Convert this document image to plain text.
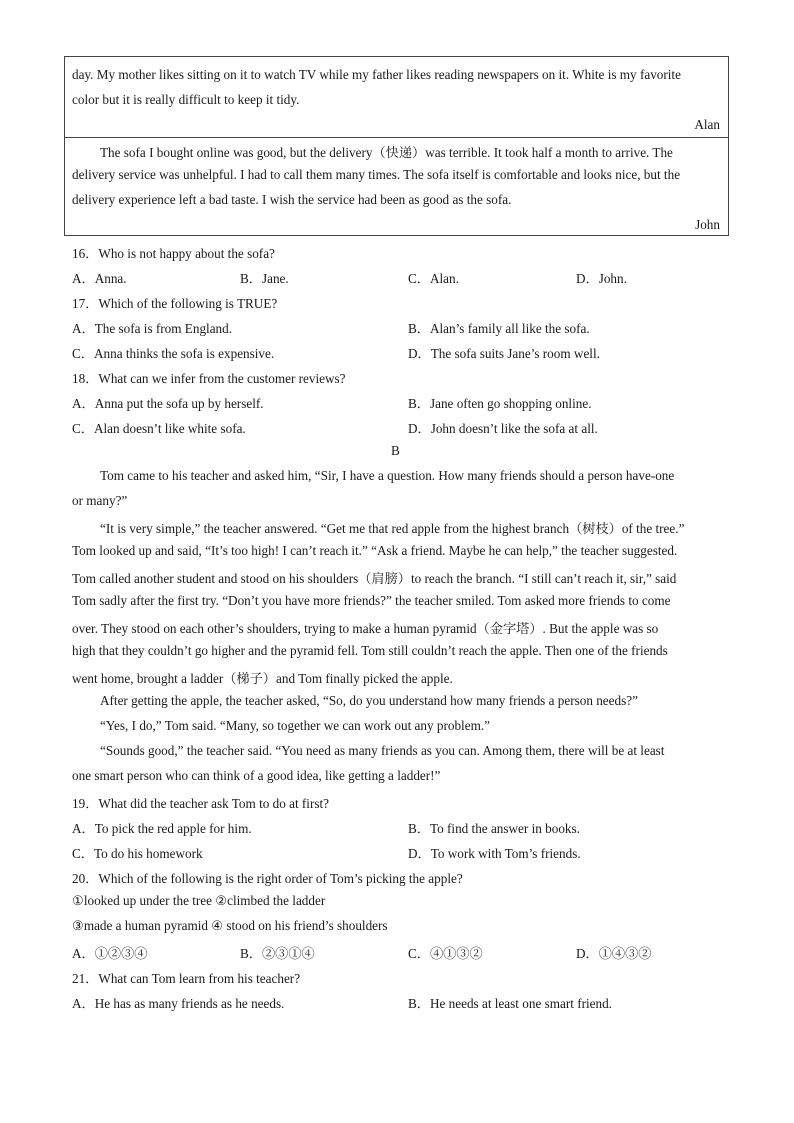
day. My mother likes sitting on it to watch TV while my father likes reading newspapers on it. White is my favorite
color but it is really difficult to keep it tidy.
Alan
The sofa I bought online was good, but the delivery（快递）was terrible. It took half a month to arrive. The
delivery service was unhelpful. I had to call them many times. The sofa itself is comfortable and looks nice, but the
delivery experience left a bad taste. I wish the service had been as good as the sofa.
John
16．Who is not happy about the sofa?
A．Anna.	B．Jane.	C．Alan.	D．John.
17．Which of the following is TRUE?
A．The sofa is from England.	B．Alan’s family all like the sofa.
C．Anna thinks the sofa is expensive.	D．The sofa suits Jane’s room well.
18．What can we infer from the customer reviews?
A．Anna put the sofa up by herself.	B．Jane often go shopping online.
C．Alan doesn’t like white sofa.	D．John doesn’t like the sofa at all.
B
Tom came to his teacher and asked him, “Sir, I have a question. How many friends should a person have-one
or many?”
“It is very simple,” the teacher answered. “Get me that red apple from the highest branch（树枝）of the tree.”
Tom looked up and said, “It’s too high! I can’t reach it.” “Ask a friend. Maybe he can help,” the teacher suggested.
Tom called another student and stood on his shoulders（肩膀）to reach the branch. “I still can’t reach it, sir,” said
Tom sadly after the first try. “Don’t you have more friends?” the teacher smiled. Tom asked more friends to come
over. They stood on each other’s shoulders, trying to make a human pyramid（金字塔）. But the apple was so
high that they couldn’t go higher and the pyramid fell. Tom still couldn’t reach the apple. Then one of the friends
went home, brought a ladder（梯子）and Tom finally picked the apple.
After getting the apple, the teacher asked, “So, do you understand how many friends a person needs?”
“Yes, I do,” Tom said. “Many, so together we can work out any problem.”
“Sounds good,” the teacher said. “You need as many friends as you can. Among them, there will be at least
one smart person who can think of a good idea, like getting a ladder!”
19．What did the teacher ask Tom to do at first?
A．To pick the red apple for him.	B．To find the answer in books.
C．To do his homework	D．To work with Tom’s friends.
20．Which of the following is the right order of Tom’s picking the apple?
①looked up under the tree ②climbed the ladder
③made a human pyramid ④ stood on his friend’s shoulders
A．①②③④	B．②③①④	C．④①③②	D．①④③②
21．What can Tom learn from his teacher?
A．He has as many friends as he needs.	B．He needs at least one smart friend.
